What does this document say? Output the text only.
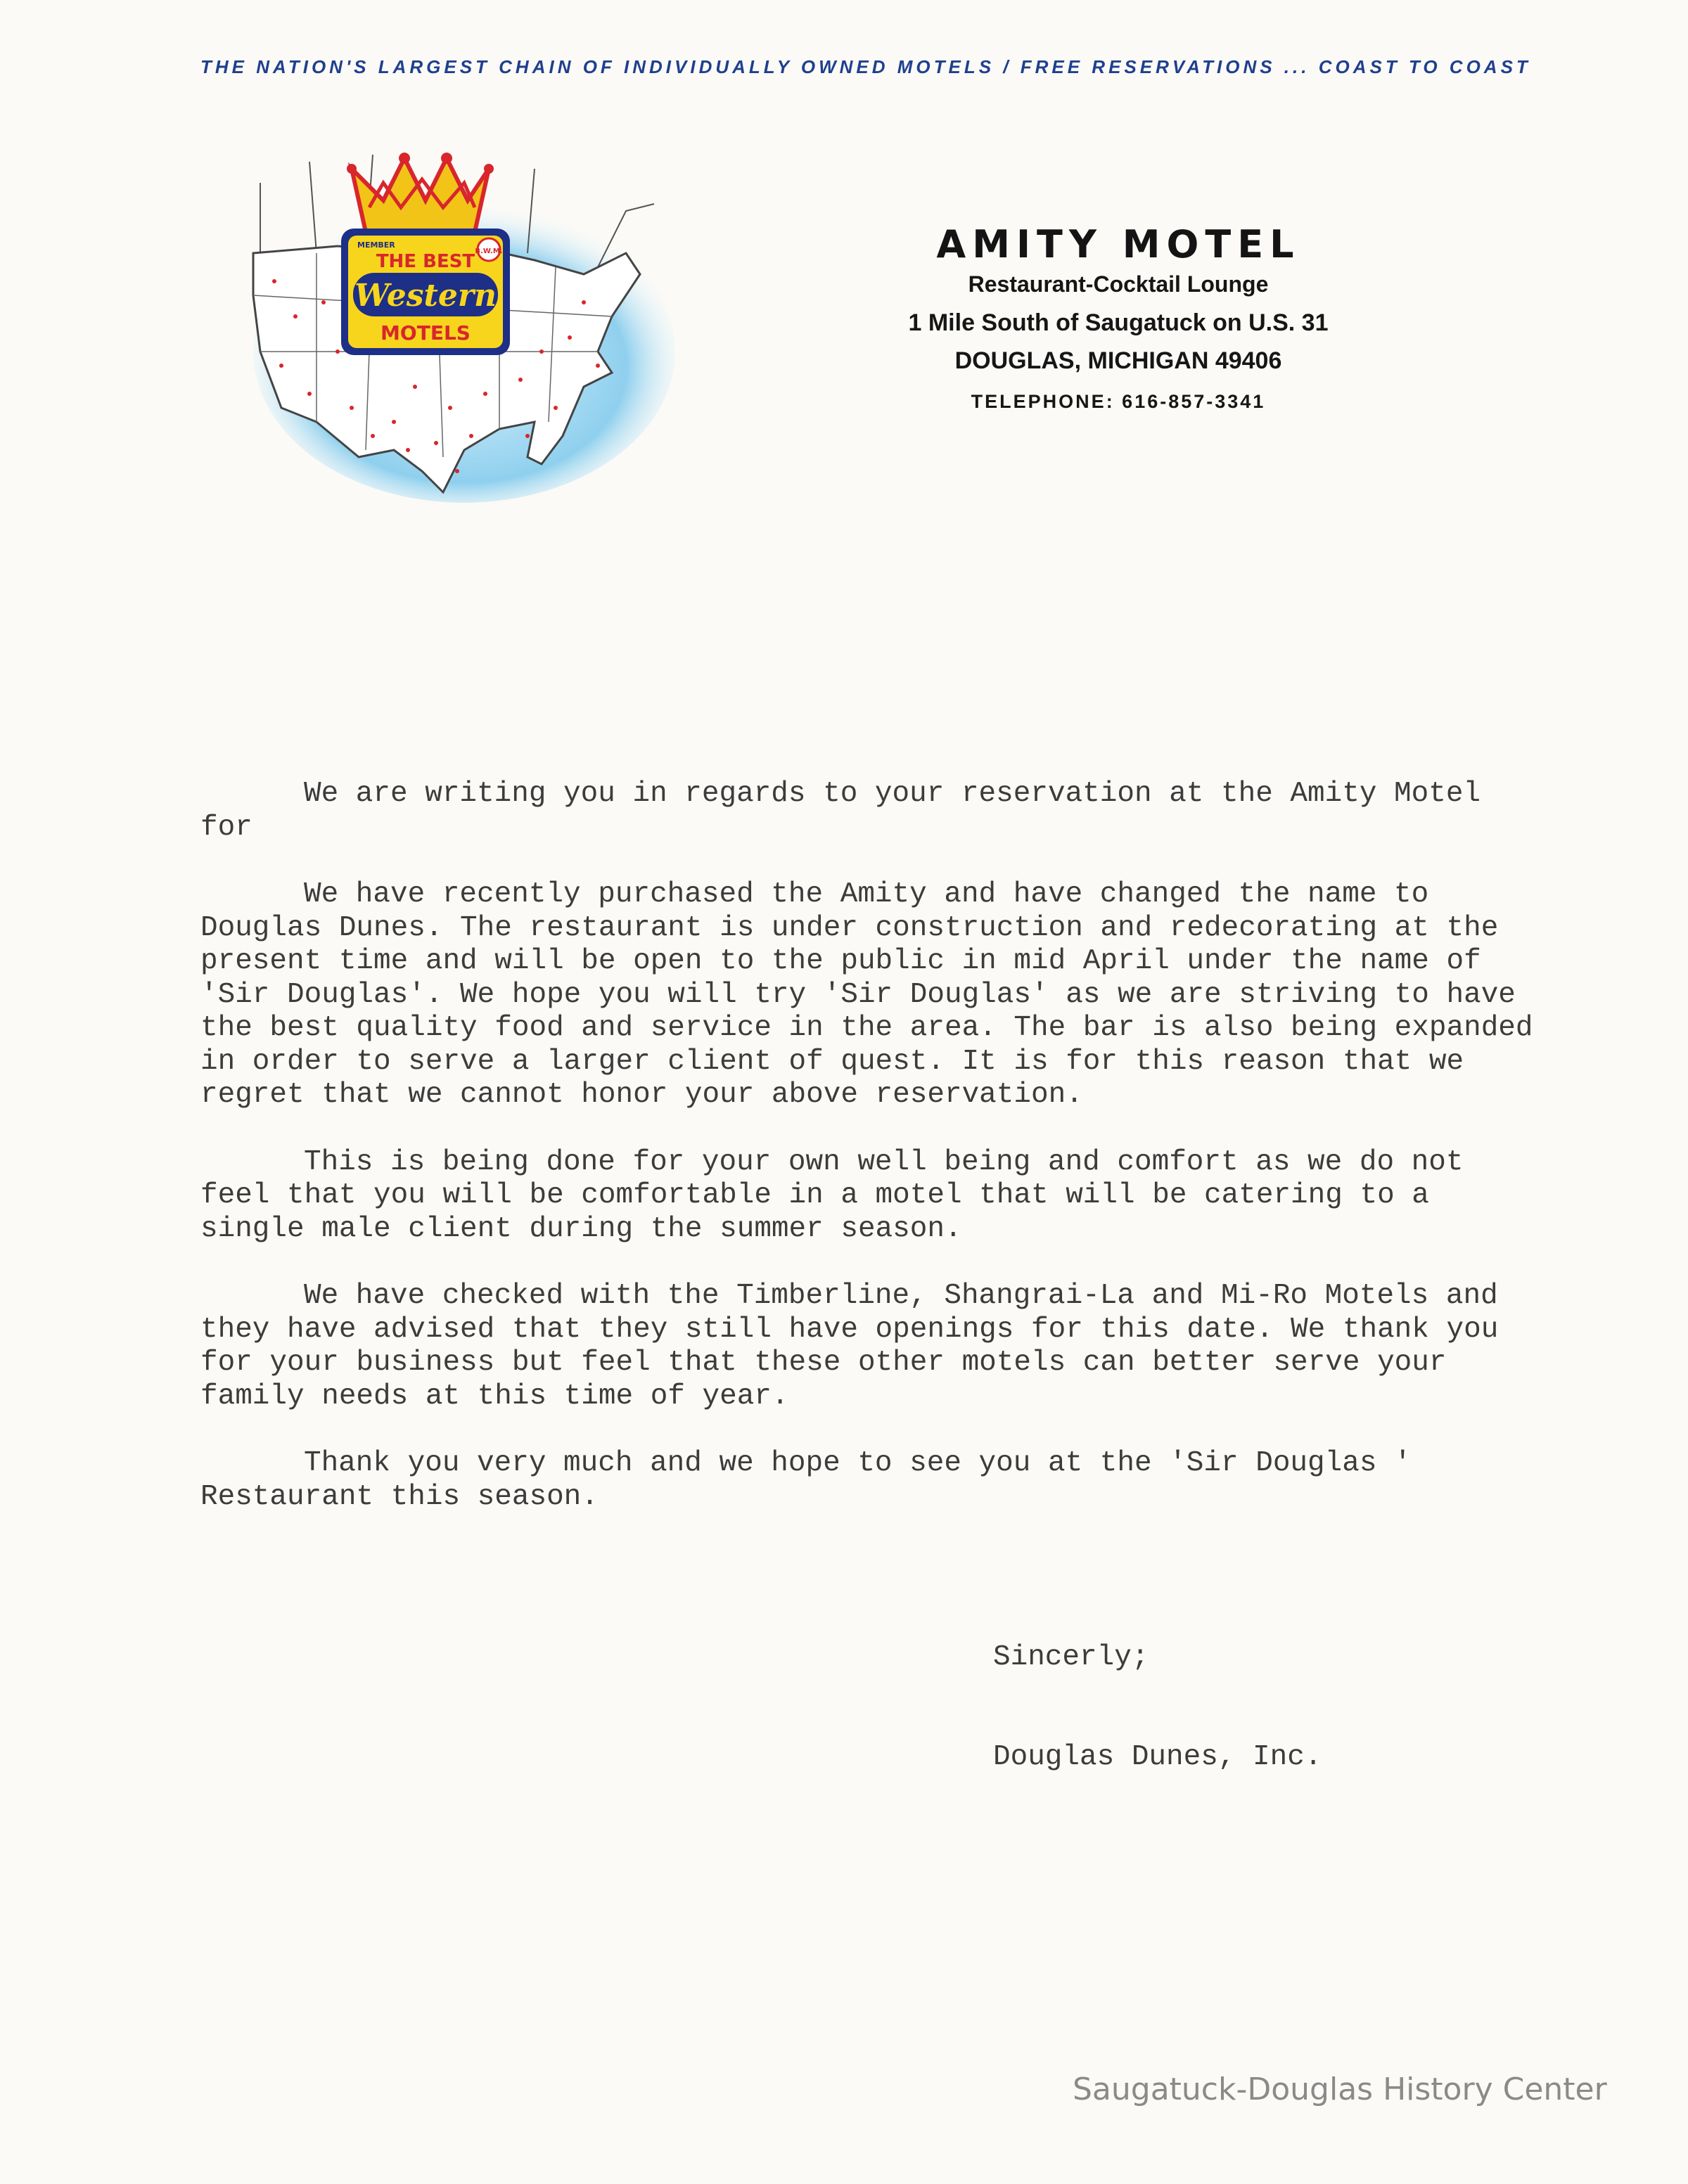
THE NATION'S LARGEST CHAIN OF INDIVIDUALLY OWNED MOTELS / FREE RESERVATIONS ... COAST TO COAST
B.W.M.
MEMBER
THE BEST
Western
MOTELS
AMITY MOTEL
Restaurant-Cocktail Lounge
1 Mile South of Saugatuck on U.S. 31
DOUGLAS, MICHIGAN 49406
TELEPHONE: 616-857-3341

We are writing you in regards to your reservation at the Amity Motel for

We have recently purchased the Amity and have changed the name to Douglas Dunes. The restaurant is under construction and redecorating at the present time and will be open to the public in mid April under the name of 'Sir Douglas'. We hope you will try 'Sir Douglas' as we are striving to have the best quality food and service in the area. The bar is also being expanded in order to serve a larger client of quest. It is for this reason that we regret that we cannot honor your above reservation.

This is being done for your own well being and comfort as we do not feel that you will be comfortable in a motel that will be catering to a single male client during the summer season.

We have checked with the Timberline, Shangrai-La and Mi-Ro Motels and they have advised that they still have openings for this date. We thank you for your business but feel that these other motels can better serve your family needs at this time of year.

Thank you very much and we hope to see you at the 'Sir Douglas ' Restaurant this season.

Sincerly;
Douglas Dunes, Inc.
Saugatuck-Douglas History Center
